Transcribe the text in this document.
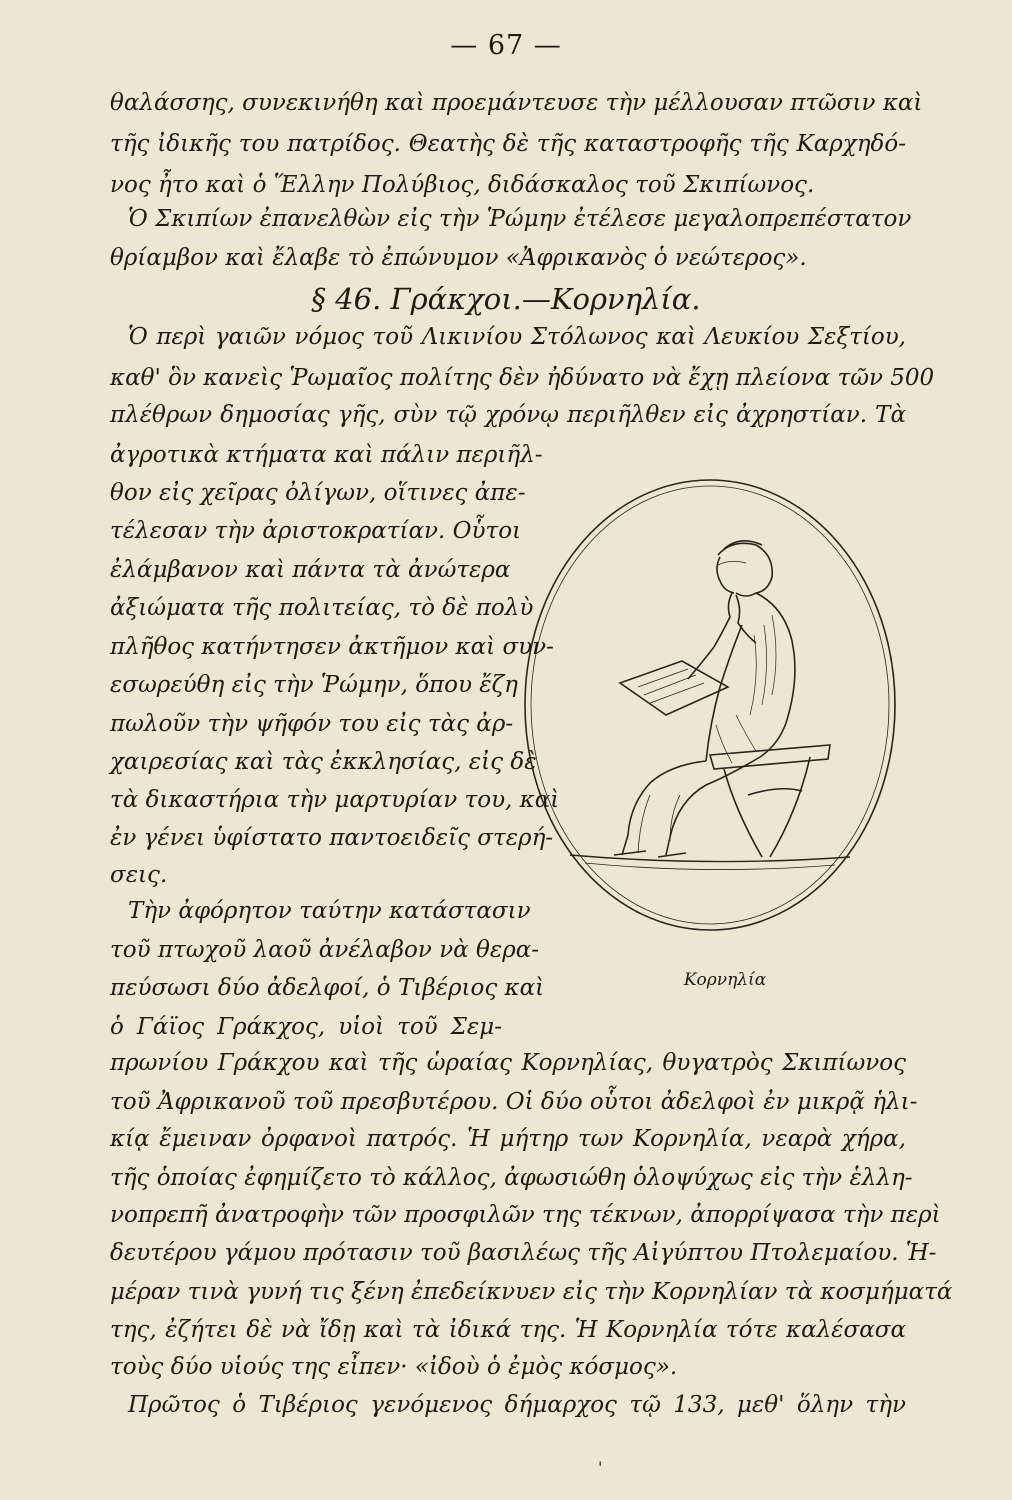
— 67 —
θαλάσσης, συνεκινήθη καὶ προεμάντευσε τὴν μέλλουσαν πτῶσιν καὶ
τῆς ἰδικῆς του πατρίδος. Θεατὴς δὲ τῆς καταστροφῆς τῆς Καρχηδό-
νος ἦτο καὶ ὁ Ἕλλην Πολύβιος, διδάσκαλος τοῦ Σκιπίωνος.
Ὁ Σκιπίων ἐπανελθὼν εἰς τὴν Ῥώμην ἐτέλεσε μεγαλοπρεπέστατον
θρίαμβον καὶ ἔλαβε τὸ ἐπώνυμον «Ἀφρικανὸς ὁ νεώτερος».
§ 46. Γράκχοι.—Κορνηλία.
Ὁ περὶ γαιῶν νόμος τοῦ Λικινίου Στόλωνος καὶ Λευκίου Σεξτίου,
καθ' ὃν κανεὶς Ῥωμαῖος πολίτης δὲν ἠδύνατο νὰ ἔχῃ πλείονα τῶν 500
πλέθρων δημοσίας γῆς, σὺν τῷ χρόνῳ περιῆλθεν εἰς ἀχρηστίαν. Τὰ
ἀγροτικὰ κτήματα καὶ πάλιν περιῆλ-
θον εἰς χεῖρας ὀλίγων, οἵτινες ἀπε-
τέλεσαν τὴν ἀριστοκρατίαν. Οὗτοι
ἐλάμβανον καὶ πάντα τὰ ἀνώτερα
ἀξιώματα τῆς πολιτείας, τὸ δὲ πολὺ
πλῆθος κατήντησεν ἀκτῆμον καὶ συν-
εσωρεύθη εἰς τὴν Ῥώμην, ὅπου ἔζη
πωλοῦν τὴν ψῆφόν του εἰς τὰς ἀρ-
χαιρεσίας καὶ τὰς ἐκκλησίας, εἰς δὲ
τὰ δικαστήρια τὴν μαρτυρίαν του, καὶ
ἐν γένει ὑφίστατο παντοειδεῖς στερή-
σεις.
Τὴν ἀφόρητον ταύτην κατάστασιν
τοῦ πτωχοῦ λαοῦ ἀνέλαβον νὰ θερα-
πεύσωσι δύο ἀδελφοί, ὁ Τιβέριος καὶ
ὁ Γάϊος Γράκχος, υἱοὶ τοῦ Σεμ-
Κορνηλία
πρωνίου Γράκχου καὶ τῆς ὡραίας Κορνηλίας, θυγατρὸς Σκιπίωνος
τοῦ Ἀφρικανοῦ τοῦ πρεσβυτέρου. Οἱ δύο οὗτοι ἀδελφοὶ ἐν μικρᾷ ἡλι-
κίᾳ ἔμειναν ὀρφανοὶ πατρός. Ἡ μήτηρ των Κορνηλία, νεαρὰ χήρα,
τῆς ὁποίας ἐφημίζετο τὸ κάλλος, ἀφωσιώθη ὁλοψύχως εἰς τὴν ἑλλη-
νοπρεπῆ ἀνατροφὴν τῶν προσφιλῶν της τέκνων, ἀπορρίψασα τὴν περὶ
δευτέρου γάμου πρότασιν τοῦ βασιλέως τῆς Αἰγύπτου Πτολεμαίου. Ἡ-
μέραν τινὰ γυνή τις ξένη ἐπεδείκνυεν εἰς τὴν Κορνηλίαν τὰ κοσμήματά
της, ἐζήτει δὲ νὰ ἴδῃ καὶ τὰ ἰδικά της. Ἡ Κορνηλία τότε καλέσασα
τοὺς δύο υἱούς της εἶπεν· «ἰδοὺ ὁ ἐμὸς κόσμος».
Πρῶτος ὁ Τιβέριος γενόμενος δήμαρχος τῷ 133, μεθ' ὅλην τὴν
'
